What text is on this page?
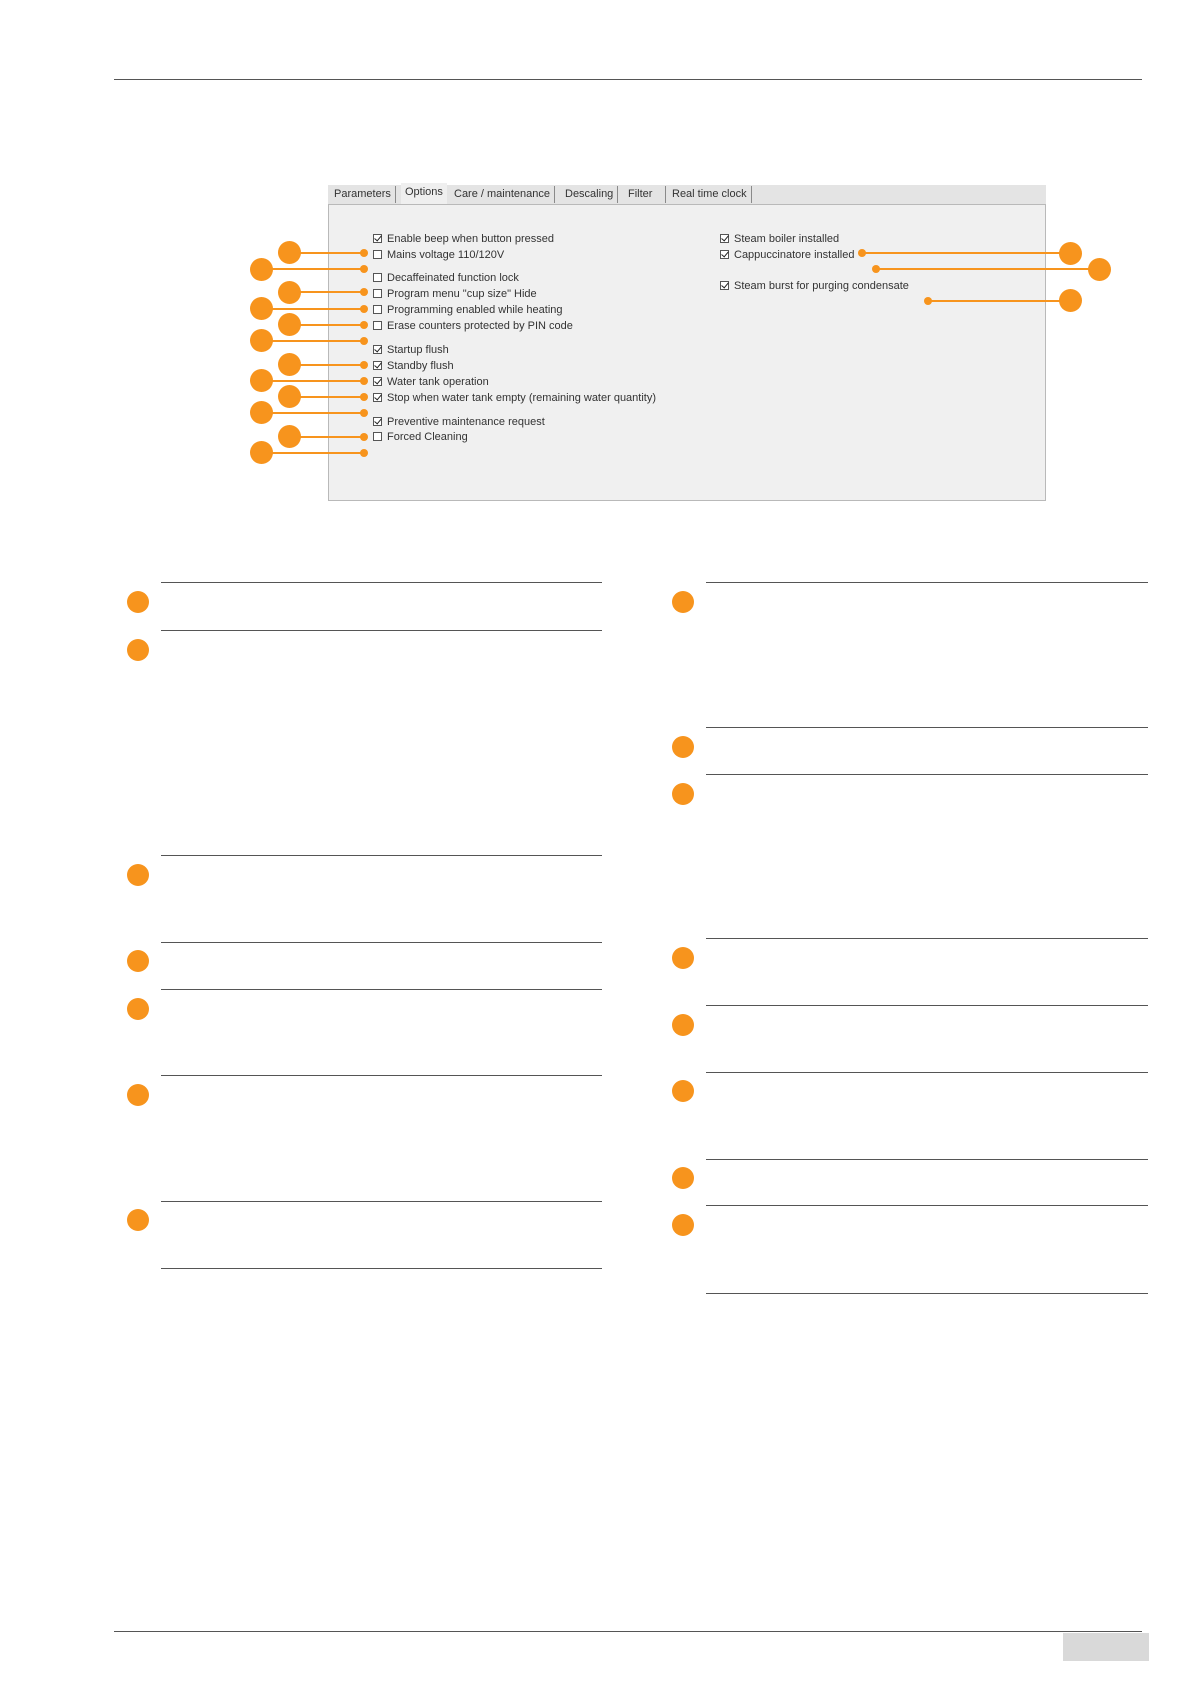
Parameters	Options	Care / maintenance	Descaling	Filter	Real time clock
Enable beep when button pressed
Mains voltage 110/120V
Decaffeinated function lock
Program menu "cup size" Hide
Programming enabled while heating
Erase counters protected by PIN code
Startup flush
Standby flush
Water tank operation
Stop when water tank empty (remaining water quantity)
Preventive maintenance request
Forced Cleaning
Steam boiler installed
Cappuccinatore installed
Steam burst for purging condensate
